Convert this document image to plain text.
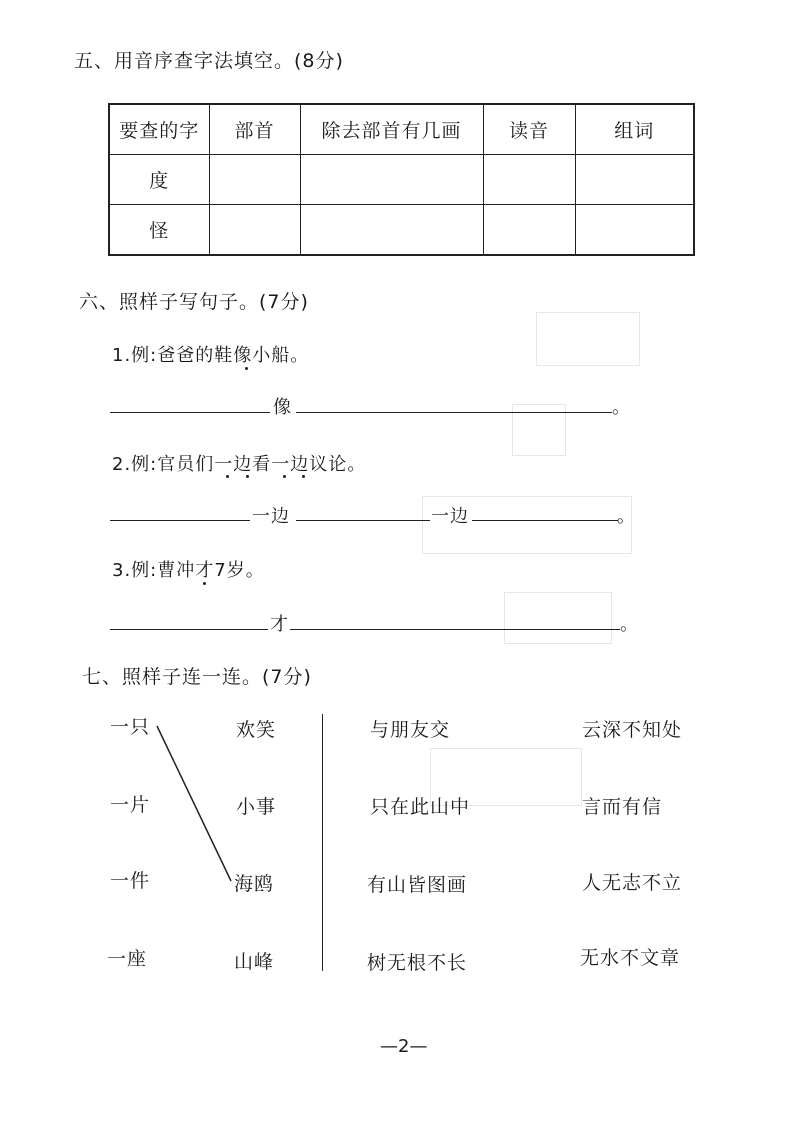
五、用音序查字法填空。(8分)
要查的字	部首	除去部首有几画	读音	组词
度				
怪				
六、照样子写句子。(7分)
1.例:爸爸的鞋像小船。
像	。
2.例:官员们一边看一边议论。
一边	一边	。
3.例:曹冲才7岁。
才	。
七、照样子连一连。(7分)
一只
一片
一件
一座
欢笑
小事
海鸥
山峰
与朋友交
只在此山中
有山皆图画
树无根不长
云深不知处
言而有信
人无志不立
无水不文章
—2—
